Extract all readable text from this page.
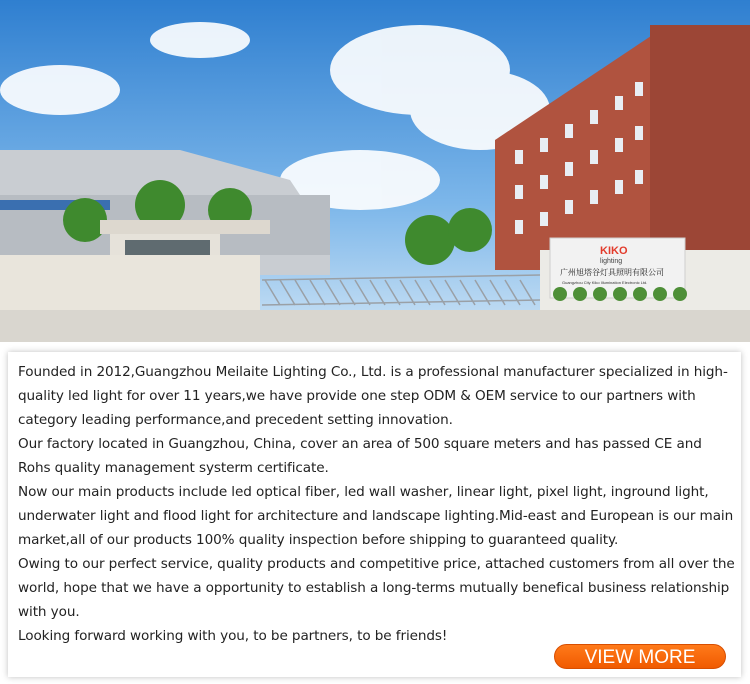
KIKO
lighting
广州旭塔谷灯具照明有限公司
Guangzhou City Kiko Illumination Electronic Ltd.

Founded in 2012,Guangzhou Meilaite Lighting Co., Ltd. is a professional manufacturer specialized in high-quality led light for over 11 years,we have provide one step ODM & OEM service to our partners with category leading performance,and precedent setting innovation.

Our factory located in Guangzhou, China, cover an area of 500 square meters and has passed CE and Rohs quality management systerm certificate.

Now our main products include led optical fiber, led wall washer, linear light, pixel light, inground light, underwater light and flood light for architecture and landscape lighting.Mid-east and European is our main market,all of our products 100% quality inspection before shipping to guaranteed quality.

Owing to our perfect service, quality products and competitive price, attached customers from all over the world, hope that we have a opportunity to establish a long-terms mutually benefical business relationship with you.

Looking forward working with you, to be partners, to be friends!

VIEW MORE
